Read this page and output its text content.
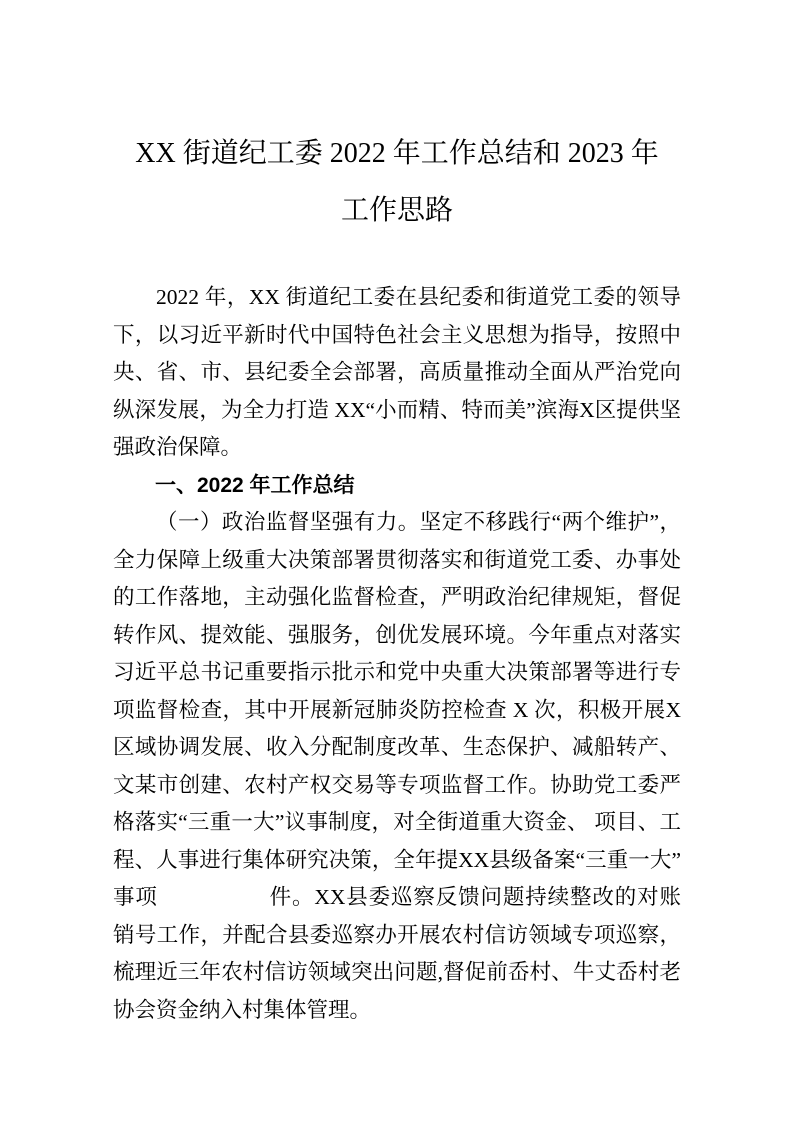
XX 街道纪工委 2022 年工作总结和 2023 年
工作思路

2022 年，XX 街道纪工委在县纪委和街道党工委的领导下，以习近平新时代中国特色社会主义思想为指导，按照中央、省、市、县纪委全会部署，高质量推动全面从严治党向纵深发展，为全力打造 XX“小而精、特而美”滨海X区提供坚强政治保障。

一、2022 年工作总结

（一）政治监督坚强有力。坚定不移践行“两个维护”，全力保障上级重大决策部署贯彻落实和街道党工委、办事处的工作落地，主动强化监督检查，严明政治纪律规矩，督促转作风、提效能、强服务，创优发展环境。今年重点对落实习近平总书记重要指示批示和党中央重大决策部署等进行专项监督检查，其中开展新冠肺炎防控检查 X 次，积极开展X区域协调发展、收入分配制度改革、生态保护、减船转产、文某市创建、农村产权交易等专项监督工作。协助党工委严格落实“三重一大”议事制度，对全街道重大资金、 项目、工程、人事进行集体研究决策，全年提XX县级备案“三重一大”事项　　　　　件。XX县委巡察反馈问题持续整改的对账销号工作，并配合县委巡察办开展农村信访领域专项巡察， 梳理近三年农村信访领域突出问题,督促前岙村、牛丈岙村老协会资金纳入村集体管理。
